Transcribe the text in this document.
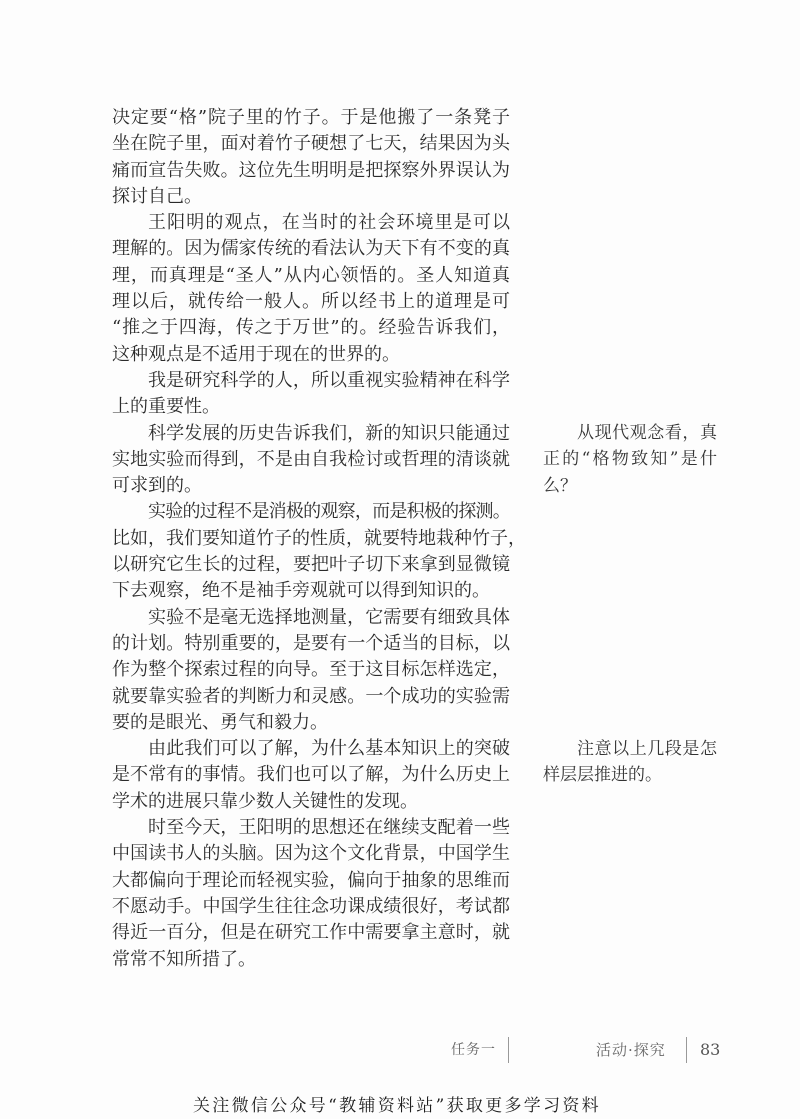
决定要“格”院子里的竹子。于是他搬了一条凳子
坐在院子里，面对着竹子硬想了七天，结果因为头
痛而宣告失败。这位先生明明是把探察外界误认为
探讨自己。
王阳明的观点，在当时的社会环境里是可以
理解的。因为儒家传统的看法认为天下有不变的真
理，而真理是“圣人”从内心领悟的。圣人知道真
理以后，就传给一般人。所以经书上的道理是可
“推之于四海，传之于万世”的。经验告诉我们，
这种观点是不适用于现在的世界的。
我是研究科学的人，所以重视实验精神在科学
上的重要性。
科学发展的历史告诉我们，新的知识只能通过
实地实验而得到，不是由自我检讨或哲理的清谈就
可求到的。
实验的过程不是消极的观察，而是积极的探测。
比如，我们要知道竹子的性质，就要特地栽种竹子，
以研究它生长的过程，要把叶子切下来拿到显微镜
下去观察，绝不是袖手旁观就可以得到知识的。
实验不是毫无选择地测量，它需要有细致具体
的计划。特别重要的，是要有一个适当的目标，以
作为整个探索过程的向导。至于这目标怎样选定，
就要靠实验者的判断力和灵感。一个成功的实验需
要的是眼光、勇气和毅力。
由此我们可以了解，为什么基本知识上的突破
是不常有的事情。我们也可以了解，为什么历史上
学术的进展只靠少数人关键性的发现。
时至今天，王阳明的思想还在继续支配着一些
中国读书人的头脑。因为这个文化背景，中国学生
大都偏向于理论而轻视实验，偏向于抽象的思维而
不愿动手。中国学生往往念功课成绩很好，考试都
得近一百分，但是在研究工作中需要拿主意时，就
常常不知所措了。
从现代观念看，真
正的“格物致知”是什
么？
注意以上几段是怎
样层层推进的。
任务一	活动·探究 83
关注微信公众号“教辅资料站”获取更多学习资料
